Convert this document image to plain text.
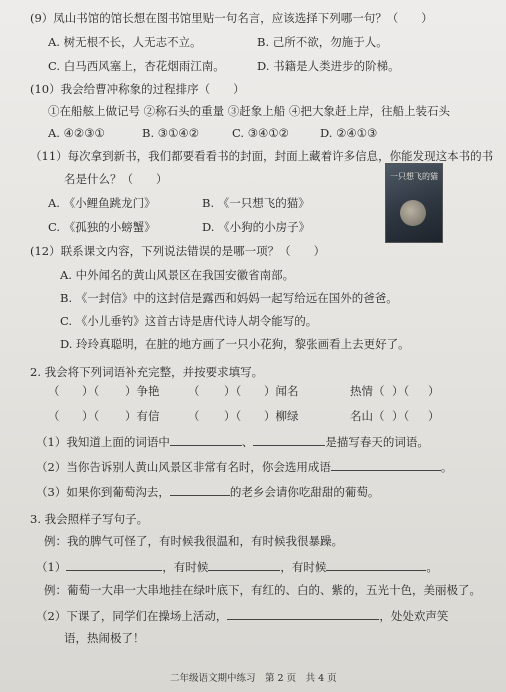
(9）凤山书馆的馆长想在图书馆里贴一句名言，应该选择下列哪一句？（　　）
A. 树无根不长，人无志不立。	B. 己所不欲，勿施于人。
C. 白马西风塞上，杏花烟雨江南。	D. 书籍是人类进步的阶梯。
(10）我会给曹冲称象的过程排序（　　）
①在船舷上做记号 ②称石头的重量 ③赶象上船 ④把大象赶上岸，往船上装石头
A. ④②③①	B. ③①④②	C. ③④①②	D. ②④①③
（11）每次拿到新书，我们都要看看书的封面，封面上藏着许多信息，你能发现这本书的书
名是什么？（　　）
A. 《小鲤鱼跳龙门》	B. 《一只想飞的猫》
C. 《孤独的小螃蟹》	D. 《小狗的小房子》
一只想飞的猫
(12）联系课文内容，下列说法错误的是哪一项？（　　）
A. 中外闻名的黄山风景区在我国安徽省南部。
B. 《一封信》中的这封信是露西和妈妈一起写给远在国外的爸爸。
C. 《小儿垂钓》这首古诗是唐代诗人胡令能写的。
D. 玲玲真聪明，在脏的地方画了一只小花狗，黎张画看上去更好了。
2. 我会将下列词语补充完整，并按要求填写。
（ ）（ ）争艳 （ ）（ ）闻名	热情（ ）（ ）
（ ）（ ）有信 （ ）（ ）柳绿	名山（ ）（ ）
（1）我知道上面的词语中	、	是描写春天的词语。
（2）当你告诉别人黄山风景区非常有名时，你会选用成语	。
（3）如果你到葡萄沟去，	的老乡会请你吃甜甜的葡萄。
3. 我会照样子写句子。
例：我的脾气可怪了，有时候我很温和，有时候我很暴躁。
（1）	，有时候	，有时候	。
例：葡萄一大串一大串地挂在绿叶底下，有红的、白的、紫的，五光十色，美丽极了。
（2）下课了，同学们在操场上活动，	，处处欢声笑
语，热闹极了！
二年级语文期中练习　第 2 页　共 4 页
